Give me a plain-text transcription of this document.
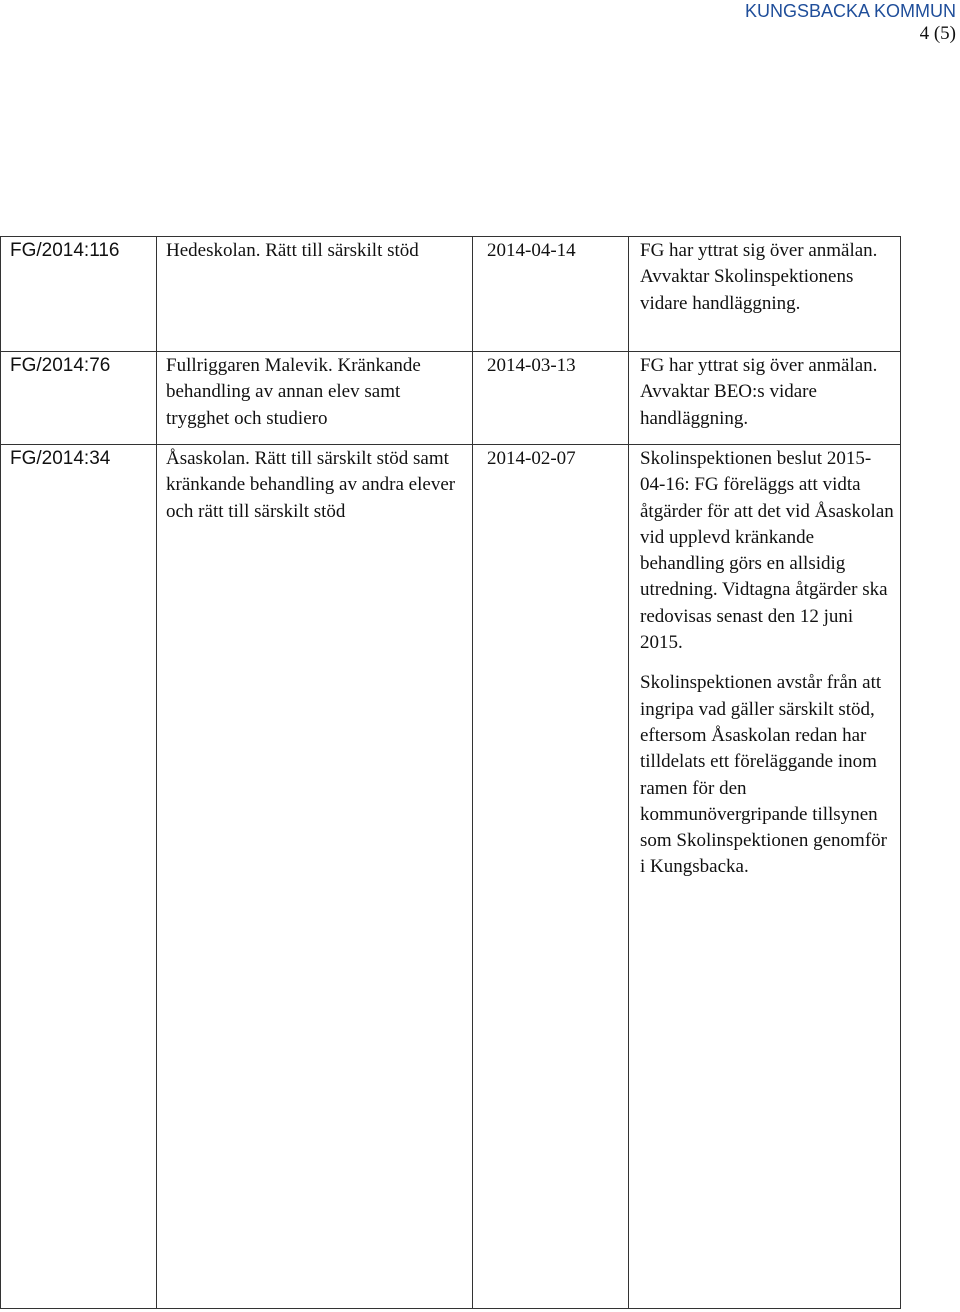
KUNGSBACKA KOMMUN
4 (5)
FG/2014:116	Hedeskolan. Rätt till särskilt stöd	2014-04-14	FG har yttrat sig över anmälan. Avvaktar Skolinspektionens vidare handläggning.

FG/2014:76	Fullriggaren Malevik. Kränkande behandling av annan elev samt trygghet och studiero	2014-03-13	FG har yttrat sig över anmälan. Avvaktar BEO:s vidare handläggning.

FG/2014:34	Åsaskolan. Rätt till särskilt stöd samt kränkande behandling av andra elever och rätt till särskilt stöd	2014-02-07	Skolinspektionen beslut 2015-04-16: FG föreläggs att vidta åtgärder för att det vid Åsaskolan vid upplevd kränkande behandling görs en allsidig utredning. Vidtagna åtgärder ska redovisas senast den 12 juni 2015.
Skolinspektionen avstår från att ingripa vad gäller särskilt stöd, eftersom Åsaskolan redan har tilldelats ett föreläggande inom ramen för den kommunövergripande tillsynen som Skolinspektionen genomför i Kungsbacka.
